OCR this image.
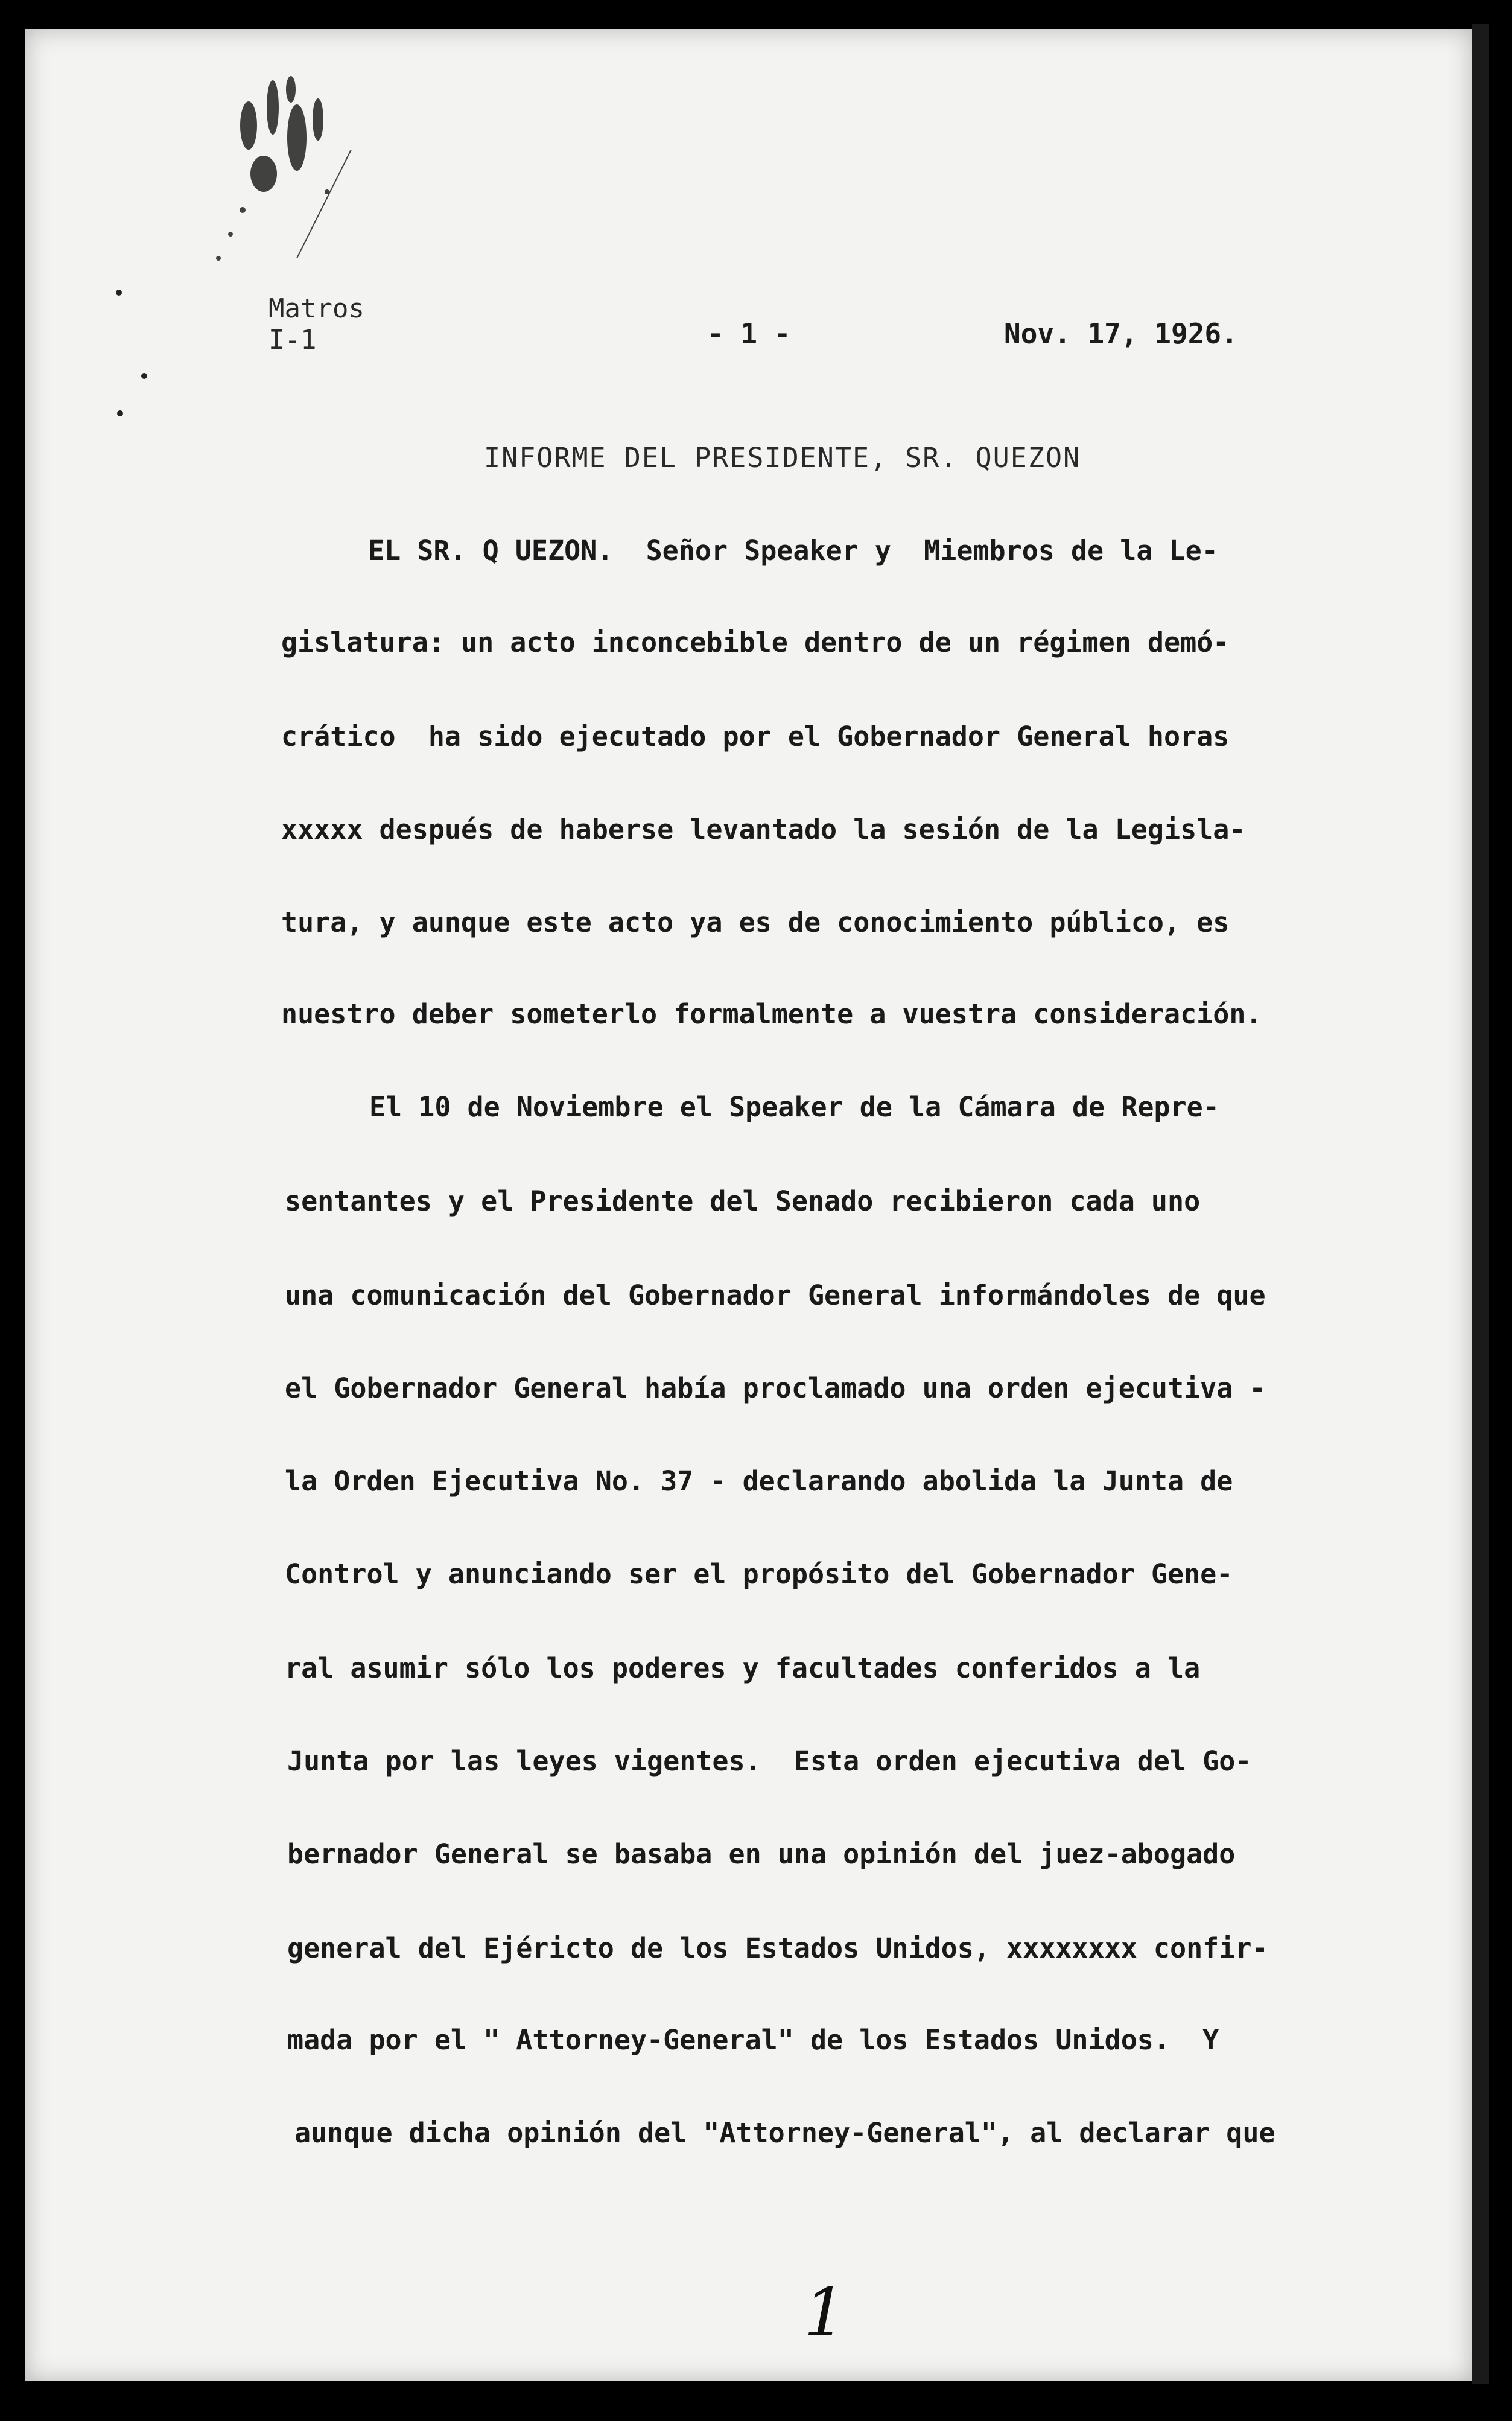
Matros
I-1	- 1 -	Nov. 17, 1926.
INFORME DEL PRESIDENTE, SR. QUEZON
EL SR. Q UEZON.  Señor Speaker y  Miembros de la Le-
gislatura: un acto inconcebible dentro de un régimen demó-
crático  ha sido ejecutado por el Gobernador General horas
xxxxx después de haberse levantado la sesión de la Legisla-
tura, y aunque este acto ya es de conocimiento público, es
nuestro deber someterlo formalmente a vuestra consideración.
El 10 de Noviembre el Speaker de la Cámara de Repre-
sentantes y el Presidente del Senado recibieron cada uno
una comunicación del Gobernador General informándoles de que
el Gobernador General había proclamado una orden ejecutiva -
la Orden Ejecutiva No. 37 - declarando abolida la Junta de
Control y anunciando ser el propósito del Gobernador Gene-
ral asumir sólo los poderes y facultades conferidos a la
Junta por las leyes vigentes.  Esta orden ejecutiva del Go-
bernador General se basaba en una opinión del juez-abogado
general del Ejéricto de los Estados Unidos, xxxxxxxx confir-
mada por el " Attorney-General" de los Estados Unidos.  Y
aunque dicha opinión del "Attorney-General", al declarar que
1
